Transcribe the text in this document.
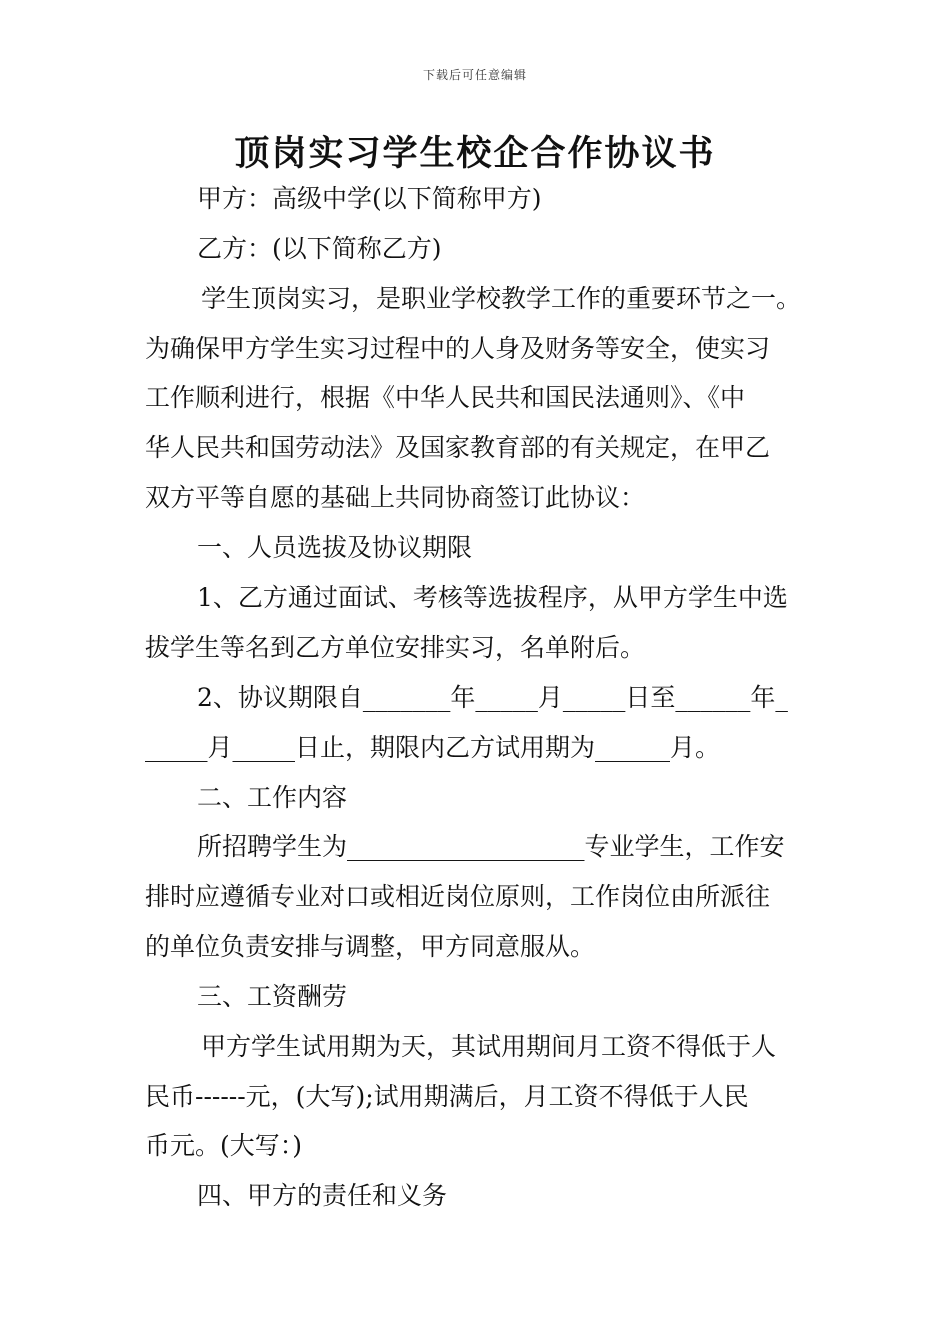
下载后可任意编辑
顶岗实习学生校企合作协议书
甲方：高级中学(以下简称甲方)
乙方：(以下简称乙方)
学生顶岗实习，是职业学校教学工作的重要环节之一。
为确保甲方学生实习过程中的人身及财务等安全，使实习
工作顺利进行，根据《中华人民共和国民法通则》、《中
华人民共和国劳动法》及国家教育部的有关规定，在甲乙
双方平等自愿的基础上共同协商签订此协议：
一、人员选拔及协议期限
1、乙方通过面试、考核等选拔程序，从甲方学生中选
拔学生等名到乙方单位安排实习，名单附后。
2、协议期限自_______年_____月_____日至______年_
_____月_____日止，期限内乙方试用期为______月。
二、工作内容
所招聘学生为___________________专业学生，工作安
排时应遵循专业对口或相近岗位原则，工作岗位由所派往
的单位负责安排与调整，甲方同意服从。
三、工资酬劳
甲方学生试用期为天，其试用期间月工资不得低于人
民币------元，(大写);试用期满后，月工资不得低于人民
币元。(大写：)
四、甲方的责任和义务
